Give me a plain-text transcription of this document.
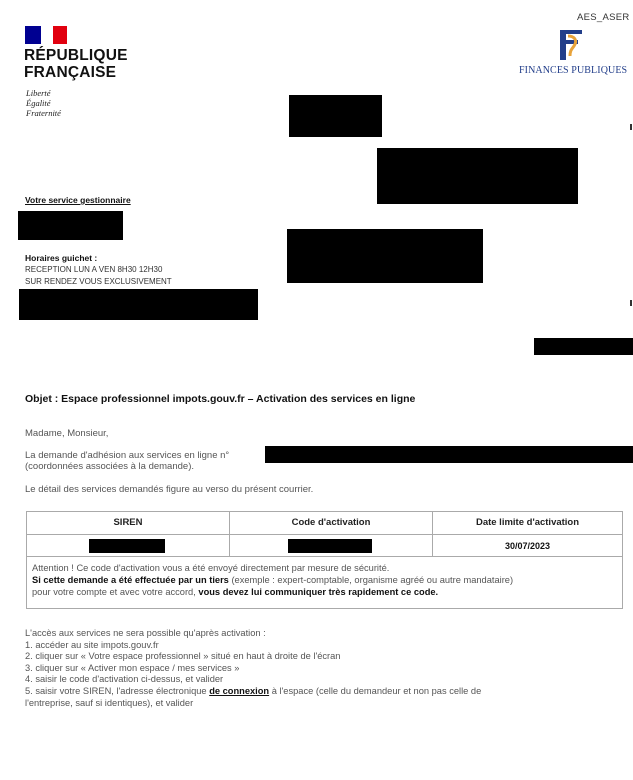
RÉPUBLIQUE
FRANÇAISE
Liberté
Égalité
Fraternité
AES_ASER
FINANCES PUBLIQUES
Votre service gestionnaire
Horaires guichet :
RECEPTION LUN A VEN 8H30 12H30
SUR RENDEZ VOUS EXCLUSIVEMENT
Objet : Espace professionnel impots.gouv.fr – Activation des services en ligne
Madame, Monsieur,
La demande d'adhésion aux services en ligne n°
(coordonnées associées à la demande).
Le détail des services demandés figure au verso du présent courrier.
SIREN	Code d'activation	Date limite d'activation
30/07/2023
Attention ! Ce code d'activation vous a été envoyé directement par mesure de sécurité.
Si cette demande a été effectuée par un tiers (exemple : expert-comptable, organisme agréé ou autre mandataire)
pour votre compte et avec votre accord, vous devez lui communiquer très rapidement ce code.
L'accès aux services ne sera possible qu'après activation :
1. accéder au site impots.gouv.fr
2. cliquer sur « Votre espace professionnel » situé en haut à droite de l'écran
3. cliquer sur « Activer mon espace / mes services »
4. saisir le code d'activation ci-dessus, et valider
5. saisir votre SIREN, l'adresse électronique de connexion à l'espace (celle du demandeur et non pas celle de
l'entreprise, sauf si identiques), et valider
